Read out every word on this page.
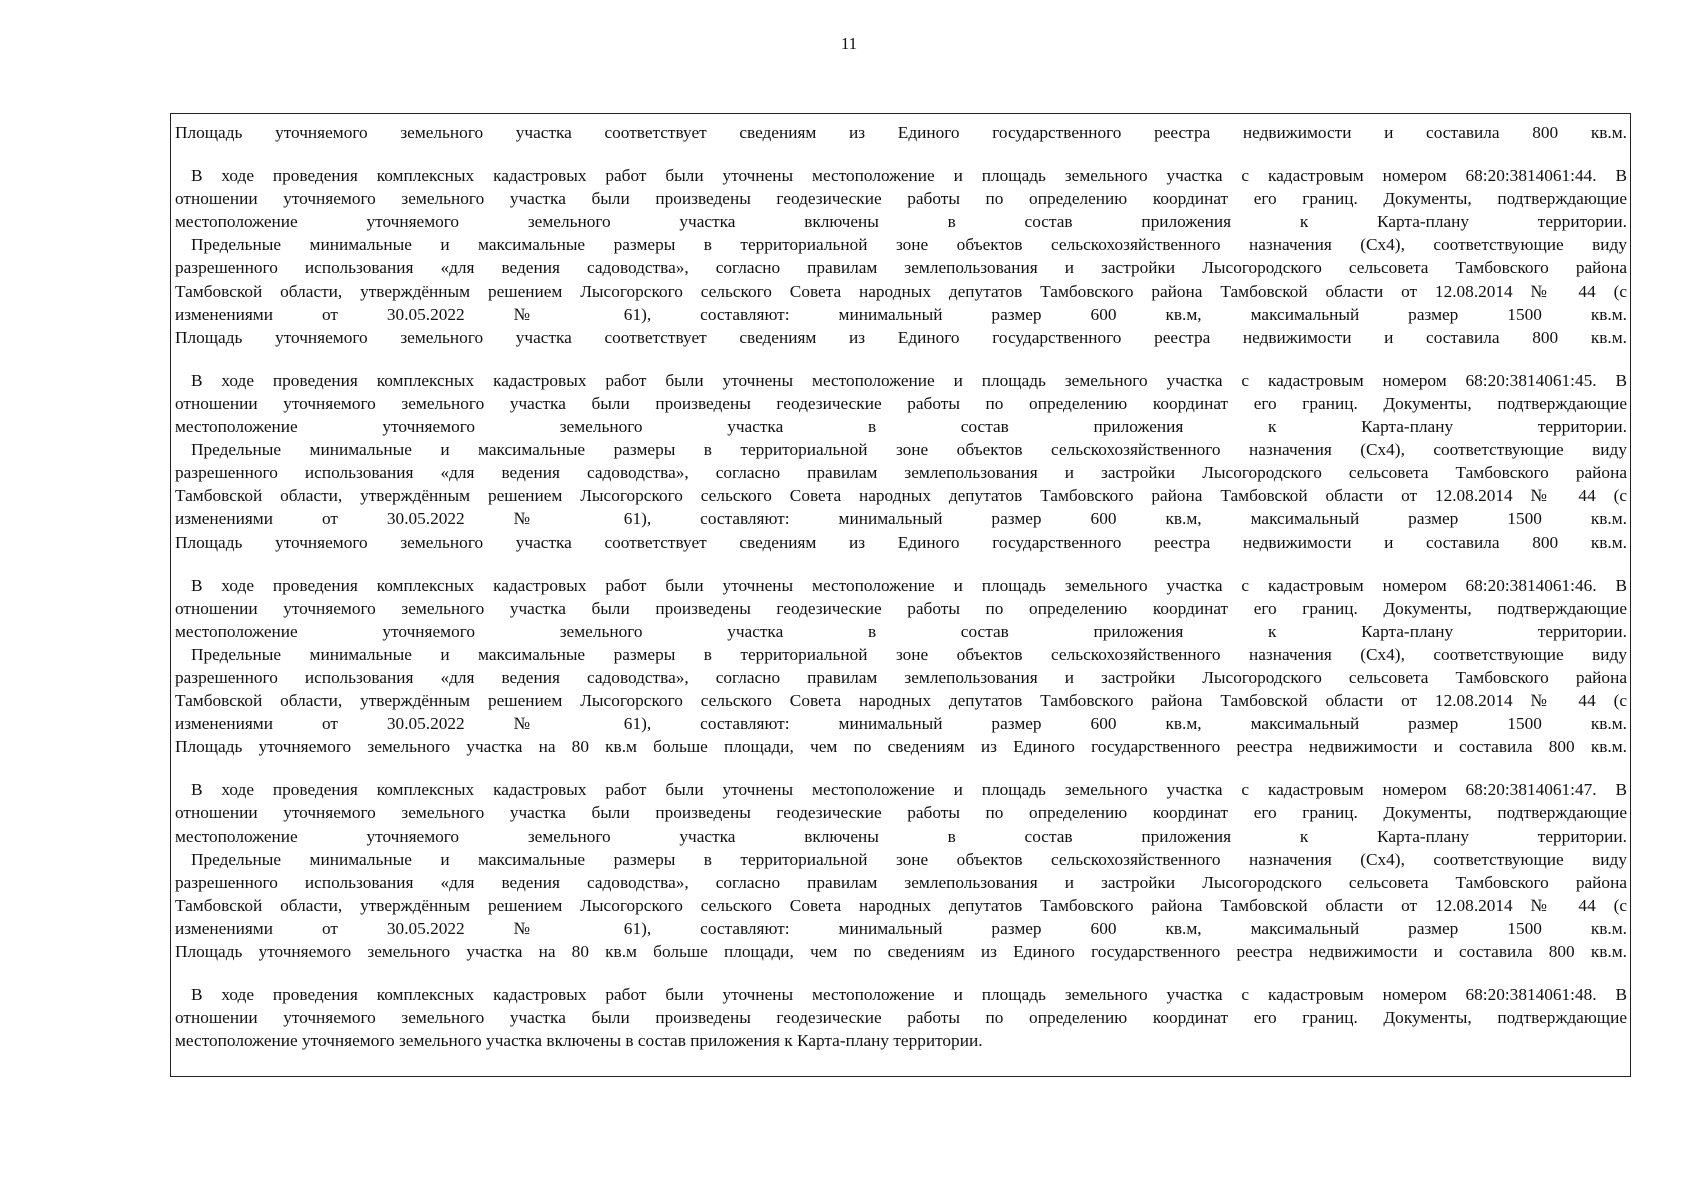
11
Площадь уточняемого земельного участка соответствует сведениям из Единого государственного реестра недвижимости и составила 800 кв.м.
В ходе проведения комплексных кадастровых работ были уточнены местоположение и площадь земельного участка с кадастровым номером 68:20:3814061:44. В
отношении уточняемого земельного участка были произведены геодезические работы по определению координат его границ. Документы, подтверждающие
местоположение уточняемого земельного участка включены в состав приложения к Карта-плану территории.
Предельные минимальные и максимальные размеры в территориальной зоне объектов сельскохозяйственного назначения (Сх4), соответствующие виду
разрешенного использования «для ведения садоводства», согласно правилам землепользования и застройки Лысогородского сельсовета Тамбовского района
Тамбовской области, утверждённым решением Лысогорского сельского Совета народных депутатов Тамбовского района Тамбовской области от 12.08.2014 № 44 (с
изменениями от 30.05.2022 № 61), составляют: минимальный размер 600 кв.м, максимальный размер 1500 кв.м.
Площадь уточняемого земельного участка соответствует сведениям из Единого государственного реестра недвижимости и составила 800 кв.м.
В ходе проведения комплексных кадастровых работ были уточнены местоположение и площадь земельного участка с кадастровым номером 68:20:3814061:45. В
отношении уточняемого земельного участка были произведены геодезические работы по определению координат его границ. Документы, подтверждающие
местоположение уточняемого земельного участка в состав приложения к Карта-плану территории.
Предельные минимальные и максимальные размеры в территориальной зоне объектов сельскохозяйственного назначения (Сх4), соответствующие виду
разрешенного использования «для ведения садоводства», согласно правилам землепользования и застройки Лысогородского сельсовета Тамбовского района
Тамбовской области, утверждённым решением Лысогорского сельского Совета народных депутатов Тамбовского района Тамбовской области от 12.08.2014 № 44 (с
изменениями от 30.05.2022 № 61), составляют: минимальный размер 600 кв.м, максимальный размер 1500 кв.м.
Площадь уточняемого земельного участка соответствует сведениям из Единого государственного реестра недвижимости и составила 800 кв.м.
В ходе проведения комплексных кадастровых работ были уточнены местоположение и площадь земельного участка с кадастровым номером 68:20:3814061:46. В
отношении уточняемого земельного участка были произведены геодезические работы по определению координат его границ. Документы, подтверждающие
местоположение уточняемого земельного участка в состав приложения к Карта-плану территории.
Предельные минимальные и максимальные размеры в территориальной зоне объектов сельскохозяйственного назначения (Сх4), соответствующие виду
разрешенного использования «для ведения садоводства», согласно правилам землепользования и застройки Лысогородского сельсовета Тамбовского района
Тамбовской области, утверждённым решением Лысогорского сельского Совета народных депутатов Тамбовского района Тамбовской области от 12.08.2014 № 44 (с
изменениями от 30.05.2022 № 61), составляют: минимальный размер 600 кв.м, максимальный размер 1500 кв.м.
Площадь уточняемого земельного участка на 80 кв.м больше площади, чем по сведениям из Единого государственного реестра недвижимости и составила 800 кв.м.
В ходе проведения комплексных кадастровых работ были уточнены местоположение и площадь земельного участка с кадастровым номером 68:20:3814061:47. В
отношении уточняемого земельного участка были произведены геодезические работы по определению координат его границ. Документы, подтверждающие
местоположение уточняемого земельного участка включены в состав приложения к Карта-плану территории.
Предельные минимальные и максимальные размеры в территориальной зоне объектов сельскохозяйственного назначения (Сх4), соответствующие виду
разрешенного использования «для ведения садоводства», согласно правилам землепользования и застройки Лысогородского сельсовета Тамбовского района
Тамбовской области, утверждённым решением Лысогорского сельского Совета народных депутатов Тамбовского района Тамбовской области от 12.08.2014 № 44 (с
изменениями от 30.05.2022 № 61), составляют: минимальный размер 600 кв.м, максимальный размер 1500 кв.м.
Площадь уточняемого земельного участка на 80 кв.м больше площади, чем по сведениям из Единого государственного реестра недвижимости и составила 800 кв.м.
В ходе проведения комплексных кадастровых работ были уточнены местоположение и площадь земельного участка с кадастровым номером 68:20:3814061:48. В
отношении уточняемого земельного участка были произведены геодезические работы по определению координат его границ. Документы, подтверждающие
местоположение уточняемого земельного участка включены в состав приложения к Карта-плану территории.
